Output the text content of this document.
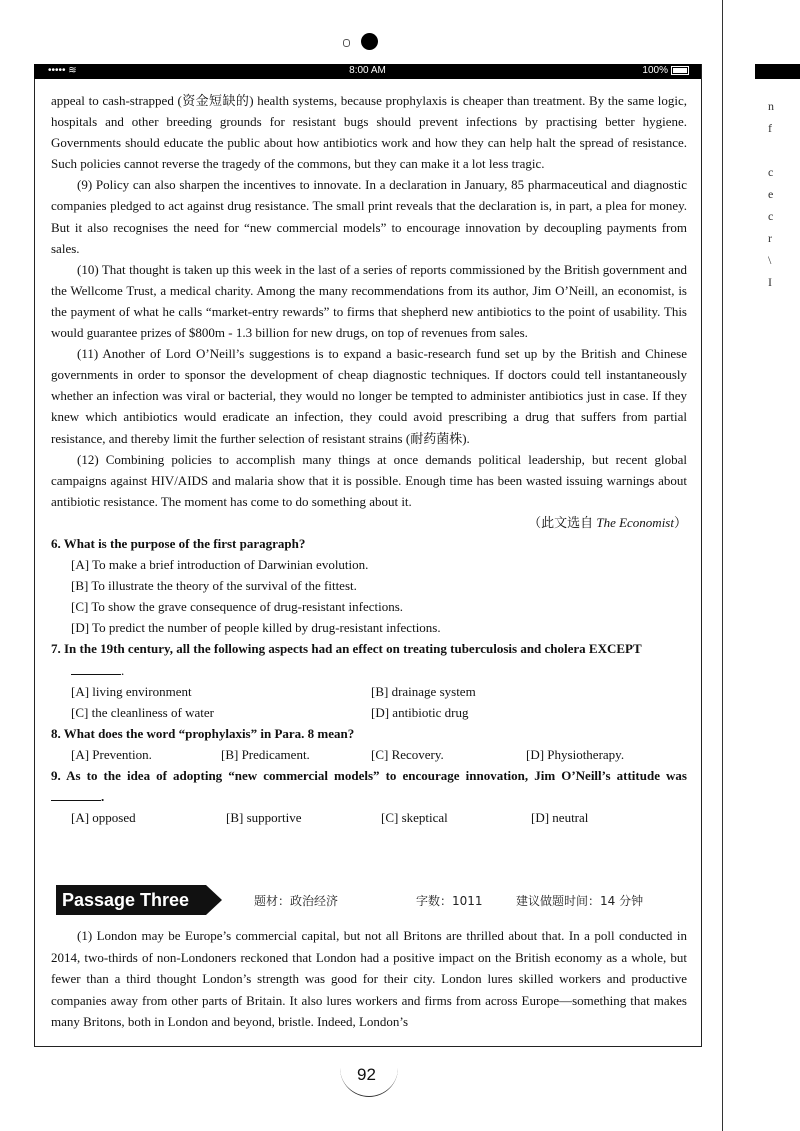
n
f

c
e
c
r
\
I
••••• ≋	8:00 AM	100%

appeal to cash-strapped (资金短缺的) health systems, because prophylaxis is cheaper than treatment. By the same logic, hospitals and other breeding grounds for resistant bugs should prevent infections by practising better hygiene. Governments should educate the public about how antibiotics work and how they can help halt the spread of resistance. Such policies cannot reverse the tragedy of the commons, but they can make it a lot less tragic.

(9) Policy can also sharpen the incentives to innovate. In a declaration in January, 85 pharmaceutical and diagnostic companies pledged to act against drug resistance. The small print reveals that the declaration is, in part, a plea for money. But it also recognises the need for “new commercial models” to encourage innovation by decoupling payments from sales.

(10) That thought is taken up this week in the last of a series of reports commissioned by the British government and the Wellcome Trust, a medical charity. Among the many recommendations from its author, Jim O’Neill, an economist, is the payment of what he calls “market-entry rewards” to firms that shepherd new antibiotics to the point of usability. This would guarantee prizes of $800m - 1.3 billion for new drugs, on top of revenues from sales.

(11) Another of Lord O’Neill’s suggestions is to expand a basic-research fund set up by the British and Chinese governments in order to sponsor the development of cheap diagnostic techniques. If doctors could tell instantaneously whether an infection was viral or bacterial, they would no longer be tempted to administer antibiotics just in case. If they knew which antibiotics would eradicate an infection, they could avoid prescribing a drug that suffers from partial resistance, and thereby limit the further selection of resistant strains (耐药菌株).

(12) Combining policies to accomplish many things at once demands political leadership, but recent global campaigns against HIV/AIDS and malaria show that it is possible. Enough time has been wasted issuing warnings about antibiotic resistance. The moment has come to do something about it.

（此文选自 The Economist）
6. What is the purpose of the first paragraph?
[A] To make a brief introduction of Darwinian evolution.
[B] To illustrate the theory of the survival of the fittest.
[C] To show the grave consequence of drug-resistant infections.
[D] To predict the number of people killed by drug-resistant infections.
7. In the 19th century, all the following aspects had an effect on treating tuberculosis and cholera EXCEPT
.
[A] living environment	[B] drainage system
[C] the cleanliness of water	[D] antibiotic drug
8. What does the word “prophylaxis” in Para. 8 mean?
[A] Prevention.	[B] Predicament.	[C] Recovery.	[D] Physiotherapy.
9. As to the idea of adopting “new commercial models” to encourage innovation, Jim O’Neill’s attitude was .
[A] opposed	[B] supportive	[C] skeptical	[D] neutral
Passage Three	题材：政治经济	字数：1011	建议做题时间：14 分钟

(1) London may be Europe’s commercial capital, but not all Britons are thrilled about that. In a poll conducted in 2014, two-thirds of non-Londoners reckoned that London had a positive impact on the British economy as a whole, but fewer than a third thought London’s strength was good for their city. London lures skilled workers and productive companies away from other parts of Britain. It also lures workers and firms from across Europe—something that makes many Britons, both in London and beyond, bristle. Indeed, London’s

92
